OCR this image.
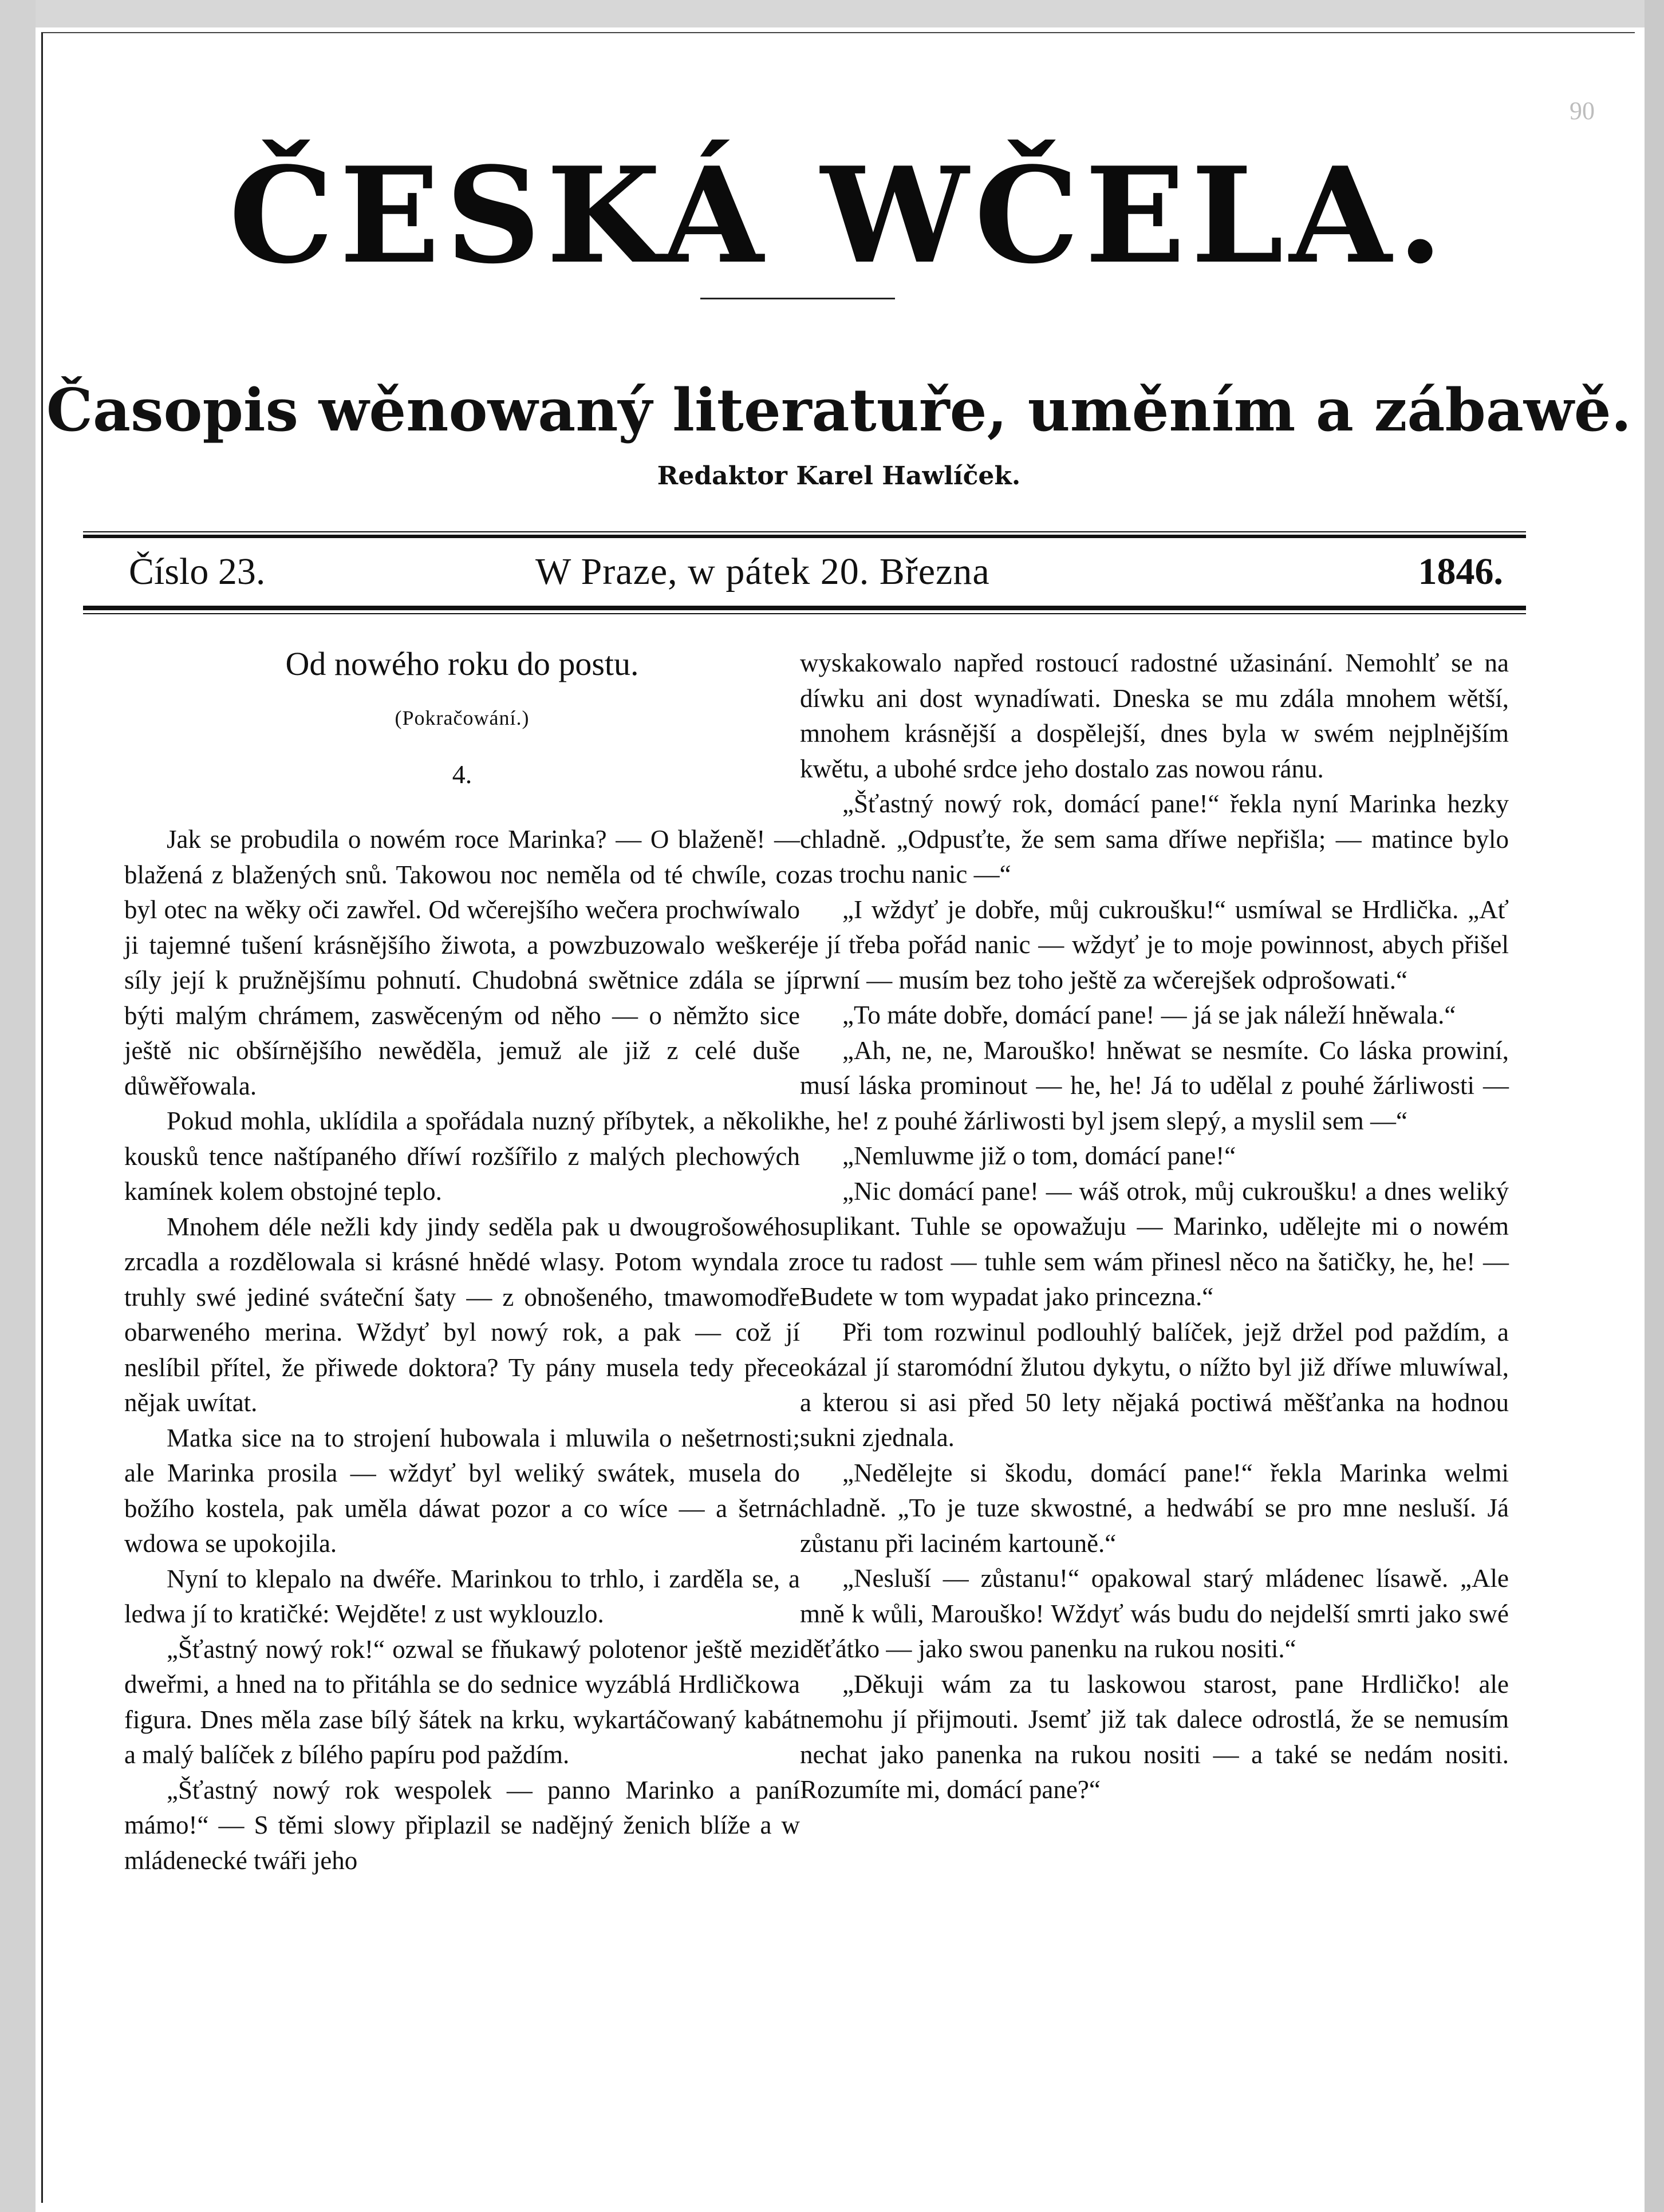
90
ČESKÁ WČELA.
Časopis wěnowaný literatuře, uměním a zábawě.
Redaktor Karel Hawlíček.
Číslo 23.	W Praze, w pátek 20. Března	1846.
Od nowého roku do postu.
(Pokračowání.)
4.

Jak se probudila o nowém roce Marinka? — O blaženě! — blažená z blažených snů. Takowou noc neměla od té chwíle, co byl otec na wěky oči zawřel. Od wčerejšího wečera prochwíwalo ji tajemné tušení krásnějšího žiwota, a powzbuzowalo weškeré síly její k pružnějšímu pohnutí. Chudobná swětnice zdála se jí býti malým chrámem, zaswěceným od něho — o němžto sice ještě nic obšírnějšího newěděla, jemuž ale již z celé duše důwěřowala.

Pokud mohla, uklídila a spořádala nuzný příbytek, a několik kousků tence naštípaného dříwí rozšířilo z malých plechowých kamínek kolem obstojné teplo.

Mnohem déle nežli kdy jindy seděla pak u dwougrošowého zrcadla a rozdělowala si krásné hnědé wlasy. Potom wyndala z truhly swé jediné sváteční šaty — z obnošeného, tmawomodře obarweného merina. Wždyť byl nowý rok, a pak — což jí neslíbil přítel, že přiwede doktora? Ty pány musela tedy přece nějak uwítat.

Matka sice na to strojení hubowala i mluwila o nešetrnosti; ale Marinka prosila — wždyť byl weliký swátek, musela do božího kostela, pak uměla dáwat pozor a co wíce — a šetrná wdowa se upokojila.

Nyní to klepalo na dwéře. Marinkou to trhlo, i zarděla se, a ledwa jí to kratičké: Wejděte! z ust wyklouzlo.

„Šťastný nowý rok!“ ozwal se fňukawý polotenor ještě mezi dweřmi, a hned na to přitáhla se do sednice wyzáblá Hrdličkowa figura. Dnes měla zase bílý šátek na krku, wykartáčowaný kabát a malý balíček z bílého papíru pod paždím.

„Šťastný nowý rok wespolek — panno Marinko a paní mámo!“ — S těmi slowy připlazil se nadějný ženich blíže a w mládenecké twáři jeho

wyskakowalo napřed rostoucí radostné užasinání. Nemohlť se na díwku ani dost wynadíwati. Dneska se mu zdála mnohem wětší, mnohem krásnější a dospělejší, dnes byla w swém nejplnějším kwětu, a ubohé srdce jeho dostalo zas nowou ránu.

„Šťastný nowý rok, domácí pane!“ řekla nyní Marinka hezky chladně. „Odpusťte, že sem sama dříwe nepřišla; — matince bylo zas trochu nanic —“

„I wždyť je dobře, můj cukroušku!“ usmíwal se Hrdlička. „Ať je jí třeba pořád nanic — wždyť je to moje powinnost, abych přišel prwní — musím bez toho ještě za wčerejšek odprošowati.“

„To máte dobře, domácí pane! — já se jak náleží hněwala.“

„Ah, ne, ne, Marouško! hněwat se nesmíte. Co láska prowiní, musí láska prominout — he, he! Já to udělal z pouhé žárliwosti — he, he! z pouhé žárliwosti byl jsem slepý, a myslil sem —“

„Nemluwme již o tom, domácí pane!“

„Nic domácí pane! — wáš otrok, můj cukroušku! a dnes weliký suplikant. Tuhle se opowažuju — Marinko, udělejte mi o nowém roce tu radost — tuhle sem wám přinesl něco na šatičky, he, he! — Budete w tom wypadat jako princezna.“

Při tom rozwinul podlouhlý balíček, jejž držel pod paždím, a okázal jí staromódní žlutou dykytu, o nížto byl již dříwe mluwíwal, a kterou si asi před 50 lety nějaká poctiwá měšťanka na hodnou sukni zjednala.

„Nedělejte si škodu, domácí pane!“ řekla Marinka welmi chladně. „To je tuze skwostné, a hedwábí se pro mne nesluší. Já zůstanu při laciném kartouně.“

„Nesluší — zůstanu!“ opakowal starý mládenec lísawě. „Ale mně k wůli, Marouško! Wždyť wás budu do nejdelší smrti jako swé děťátko — jako swou panenku na rukou nositi.“

„Děkuji wám za tu laskowou starost, pane Hrdličko! ale nemohu jí přijmouti. Jsemť již tak dalece odrostlá, že se nemusím nechat jako panenka na rukou nositi — a také se nedám nositi. Rozumíte mi, domácí pane?“
